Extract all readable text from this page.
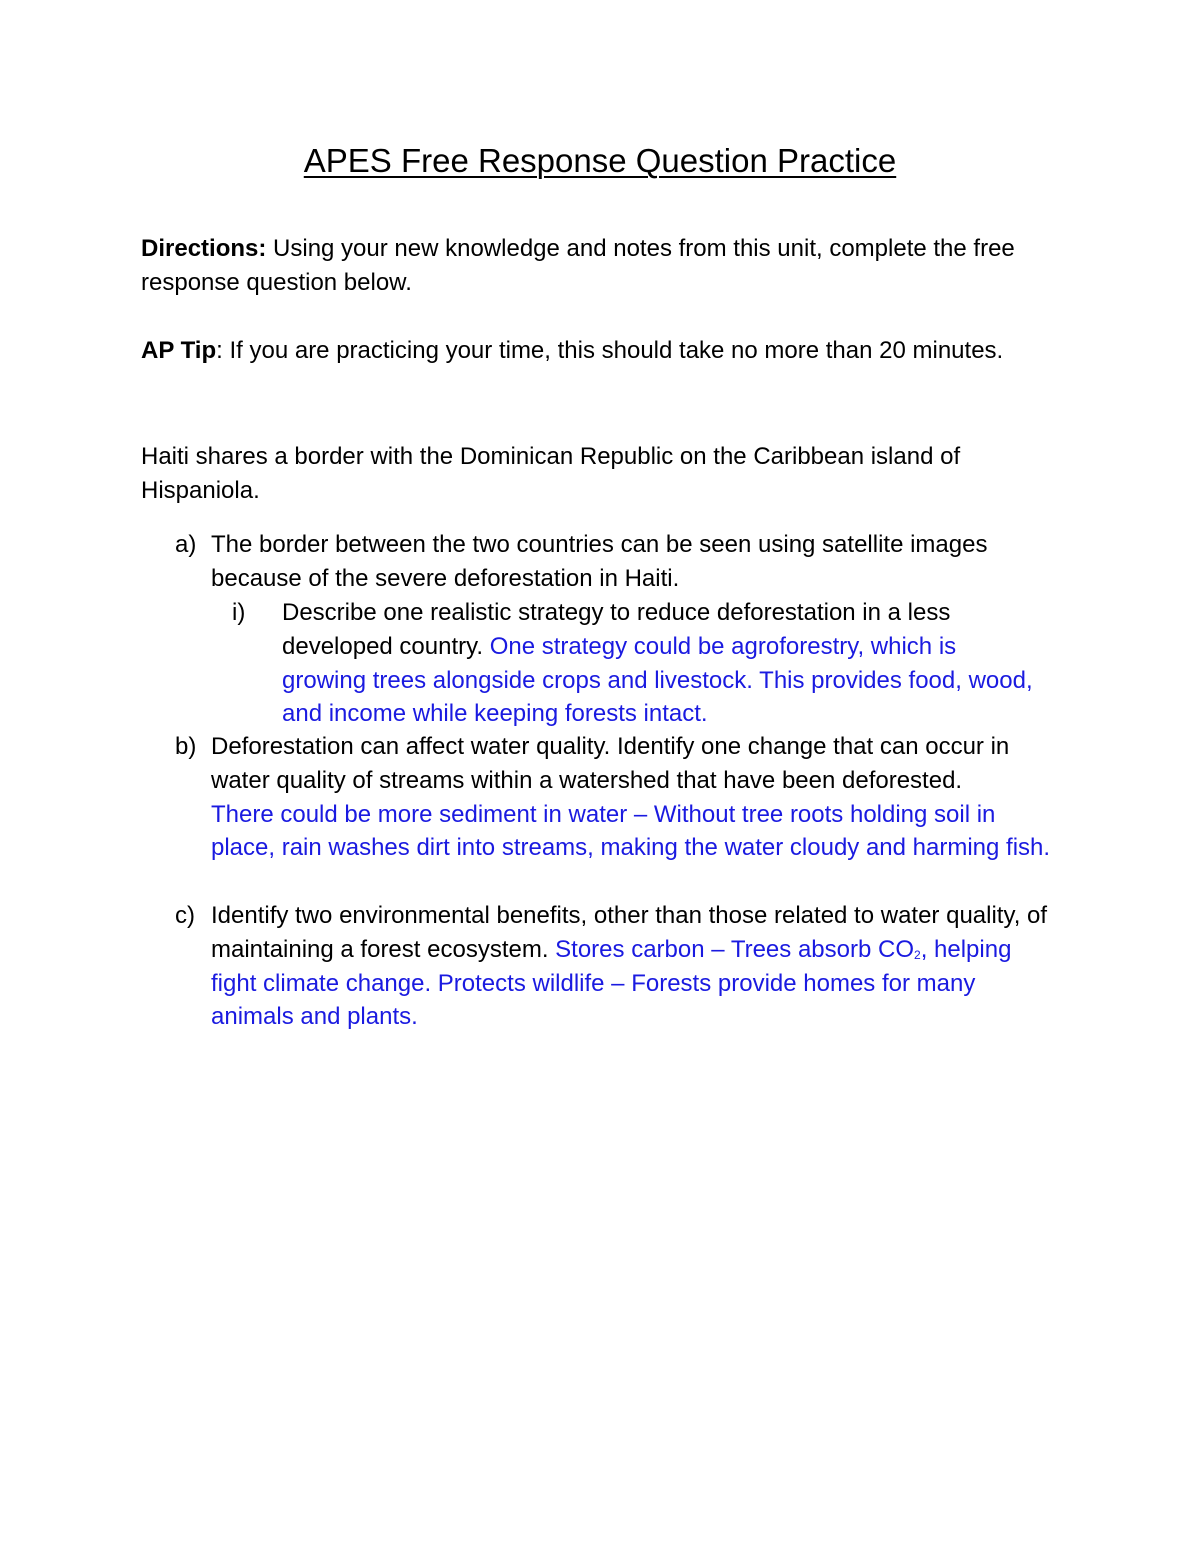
APES Free Response Question Practice

Directions: Using your new knowledge and notes from this unit, complete the free response question below.

AP Tip: If you are practicing your time, this should take no more than 20 minutes.

Haiti shares a border with the Dominican Republic on the Caribbean island of Hispaniola.

a) The border between the two countries can be seen using satellite images because of the severe deforestation in Haiti.

i) Describe one realistic strategy to reduce deforestation in a less developed country. One strategy could be agroforestry, which is growing trees alongside crops and livestock. This provides food, wood, and income while keeping forests intact.

b) Deforestation can affect water quality. Identify one change that can occur in water quality of streams within a watershed that have been deforested.
There could be more sediment in water – Without tree roots holding soil in place, rain washes dirt into streams, making the water cloudy and harming fish.

c) Identify two environmental benefits, other than those related to water quality, of maintaining a forest ecosystem. Stores carbon – Trees absorb $CO_2$, helping fight climate change. Protects wildlife – Forests provide homes for many animals and plants.
